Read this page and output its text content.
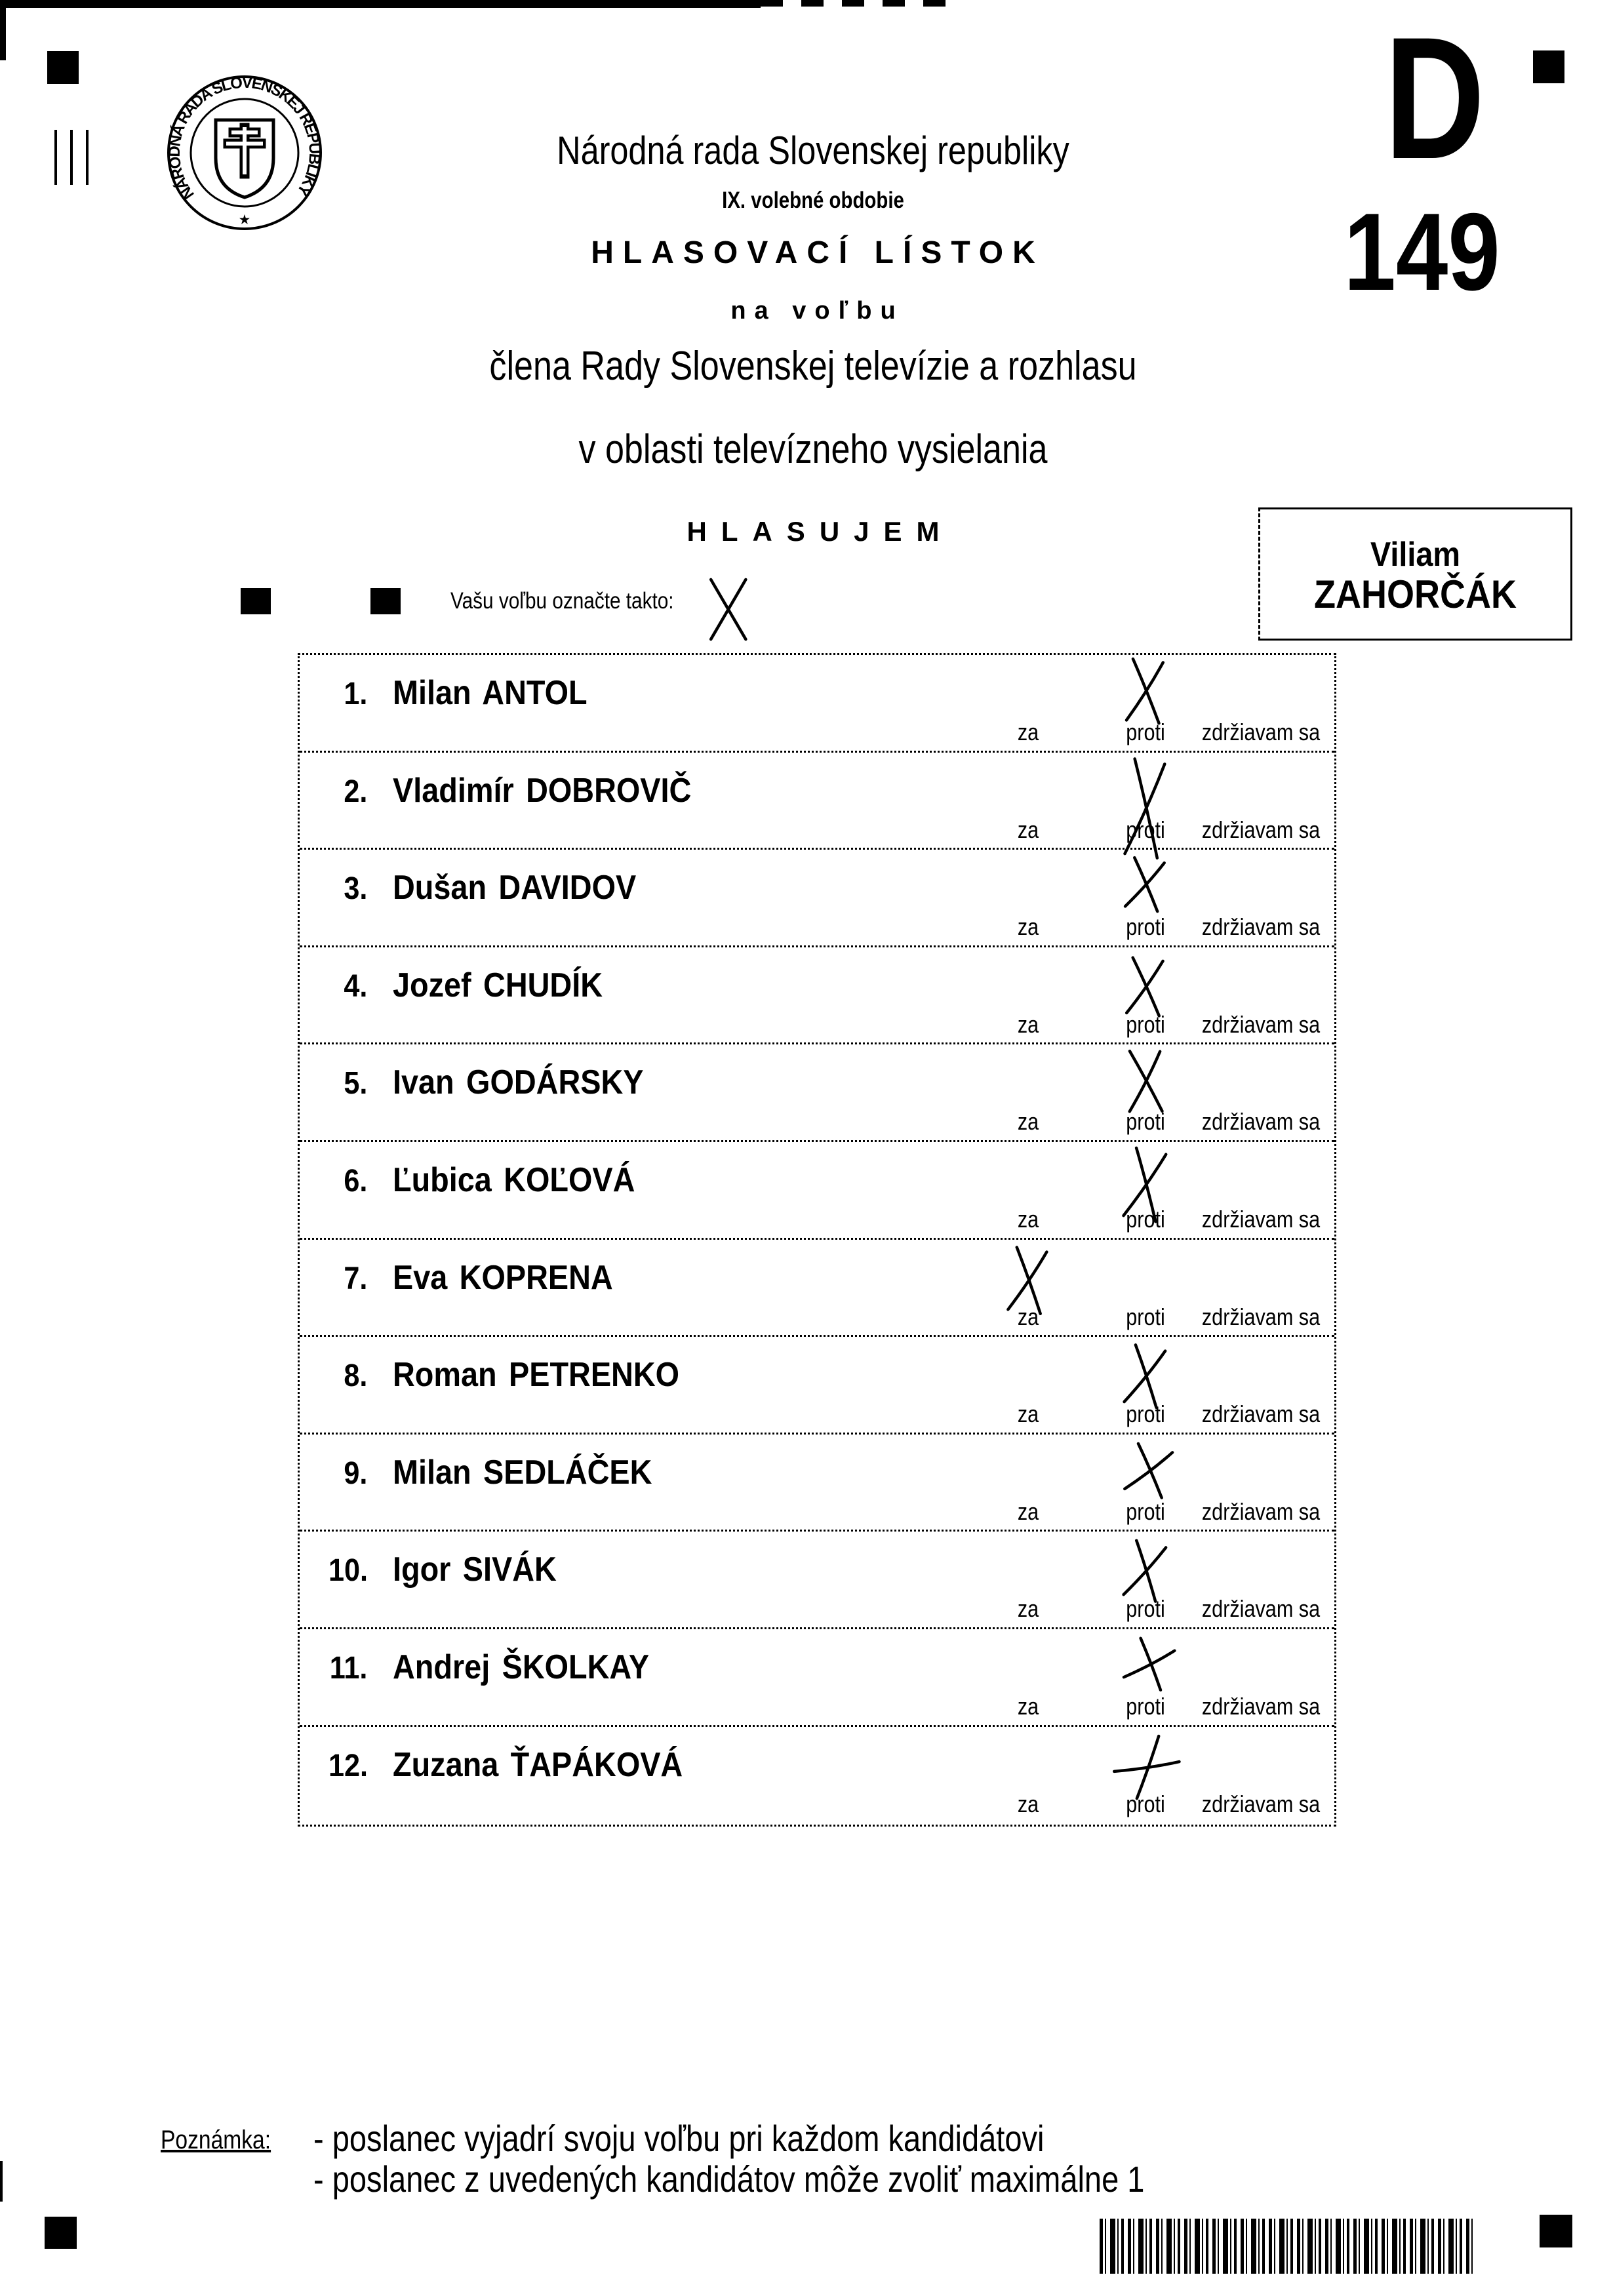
NÁRODNÁ RADA SLOVENSKEJ REPUBLIKY
★
Národná rada Slovenskej republiky
IX. volebné obdobie
HLASOVACÍ LÍSTOK
na voľbu
člena Rady Slovenskej televízie a rozhlasu
v oblasti televízneho vysielania
HLASUJEM
D
149
Vašu voľbu označte takto:
Viliam
ZAHORČÁK
1. Milan ANTOL
za	proti zdržiavam sa
2. Vladimír DOBROVIČ
za	proti zdržiavam sa
3. Dušan DAVIDOV
za	proti zdržiavam sa
4. Jozef CHUDÍK
za	proti zdržiavam sa
5. Ivan GODÁRSKY
za	proti zdržiavam sa
6. Ľubica KOĽOVÁ
za	proti zdržiavam sa
7. Eva KOPRENA
za	proti zdržiavam sa
8. Roman PETRENKO
za	proti zdržiavam sa
9. Milan SEDLÁČEK
za	proti zdržiavam sa
10. Igor SIVÁK
za	proti zdržiavam sa
11. Andrej ŠKOLKAY
za	proti zdržiavam sa
12. Zuzana ŤAPÁKOVÁ
za	proti zdržiavam sa
Poznámka: - poslanec vyjadrí svoju voľbu pri každom kandidátovi
- poslanec z uvedených kandidátov môže zvoliť maximálne 1
